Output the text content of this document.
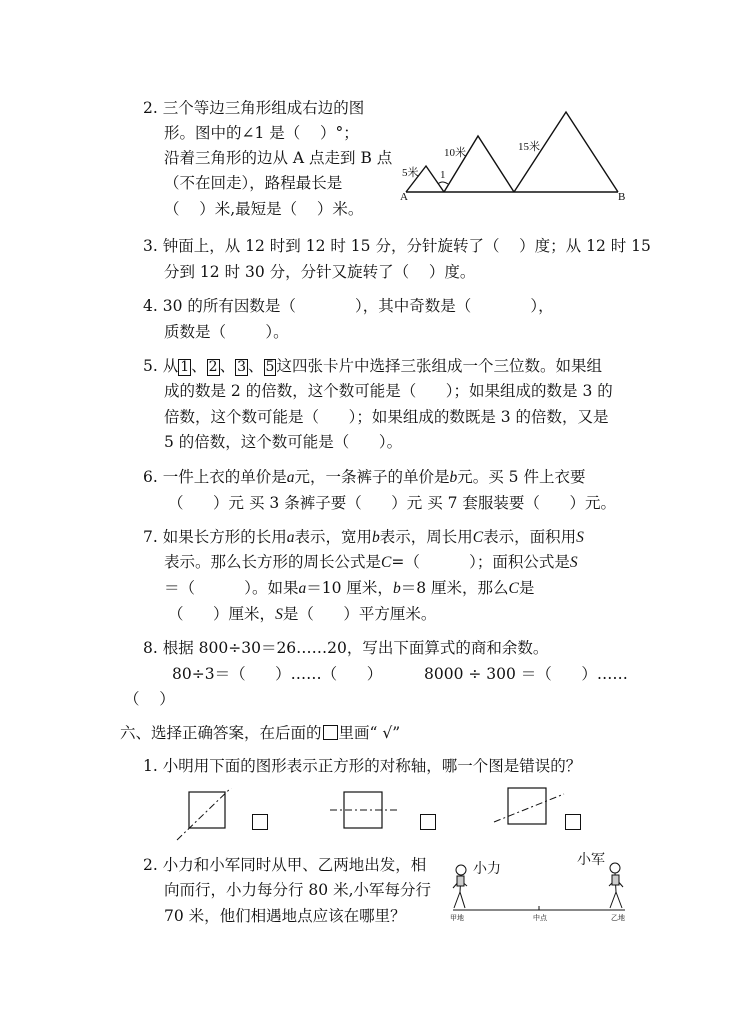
2. 三个等边三角形组成右边的图
形。图中的∠1 是（    ）°；
沿着三角形的边从 A 点走到 B 点
（不在回走），路程最长是
（    ）米,最短是（    ）米。
5米
10米	15米
1
A	B
3. 钟面上，从 12 时到 12 时 15 分，分针旋转了（    ）度；从 12 时 15
分到 12 时 30 分，分针又旋转了（    ）度。
4. 30 的所有因数是（            ），其中奇数是（            ），
质数是（        ）。
5. 从 1 、 2 、 3 、 5 这四张卡片中选择三张组成一个三位数。如果组
成的数是 2 的倍数，这个数可能是（      ）；如果组成的数是 3 的
倍数，这个数可能是（      ）；如果组成的数既是 3 的倍数，又是
5 的倍数，这个数可能是（      ）。
6. 一件上衣的单价是a元，一条裤子的单价是b元。买 5 件上衣要
（      ）元 买 3 条裤子要（      ）元 买 7 套服装要（      ）元。
7. 如果长方形的长用a表示，宽用b表示，周长用C表示，面积用S
表示。那么长方形的周长公式是C=（          ）；面积公式是S
＝（          ）。如果a＝10 厘米，b＝8 厘米，那么C是
（      ）厘米，S是（      ）平方厘米。
8. 根据 800÷30＝26……20，写出下面算式的商和余数。
80÷3＝（      ）……（      ）	8000 ÷ 300 ＝（      ）……
（    ）
六、选择正确答案，在后面的 里画“ √”
1. 小明用下面的图形表示正方形的对称轴，哪一个图是错误的？
2. 小力和小军同时从甲、乙两地出发，相
向而行，小力每分行 80 米,小军每分行
70 米，他们相遇地点应该在哪里？
小力
小军
甲地	中点	乙地
